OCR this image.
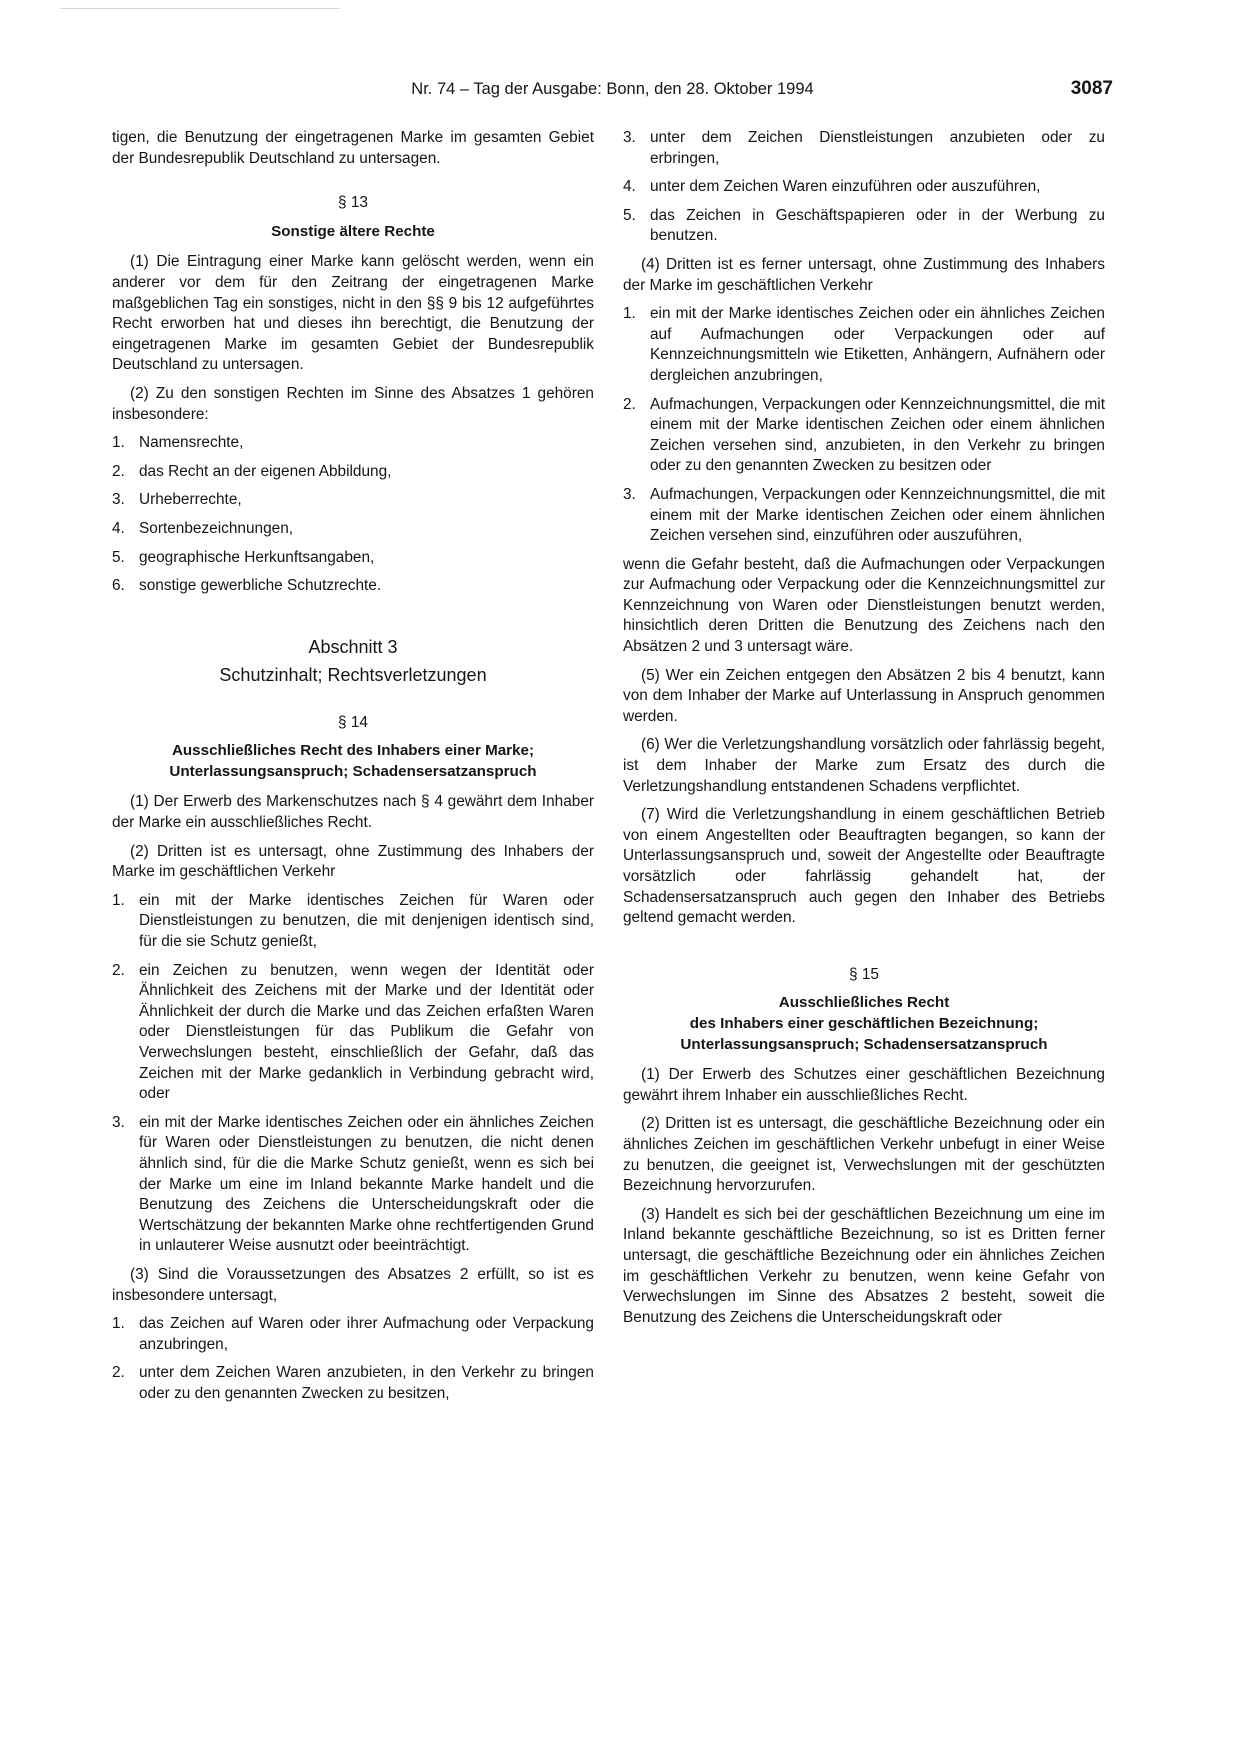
Nr. 74 – Tag der Ausgabe: Bonn, den 28. Oktober 1994	3087

tigen, die Benutzung der eingetragenen Marke im gesamten Gebiet der Bundesrepublik Deutschland zu untersagen.

§ 13
Sonstige ältere Rechte

(1) Die Eintragung einer Marke kann gelöscht werden, wenn ein anderer vor dem für den Zeitrang der eingetragenen Marke maßgeblichen Tag ein sonstiges, nicht in den §§ 9 bis 12 aufgeführtes Recht erworben hat und dieses ihn berechtigt, die Benutzung der eingetragenen Marke im gesamten Gebiet der Bundesrepublik Deutschland zu untersagen.

(2) Zu den sonstigen Rechten im Sinne des Absatzes 1 gehören insbesondere:

1. Namensrechte,
2. das Recht an der eigenen Abbildung,
3. Urheberrechte,
4. Sortenbezeichnungen,
5. geographische Herkunftsangaben,
6. sonstige gewerbliche Schutzrechte.
Abschnitt 3
Schutzinhalt; Rechtsverletzungen
§ 14
Ausschließliches Recht des Inhabers einer Marke;
Unterlassungsanspruch; Schadensersatzanspruch

(1) Der Erwerb des Markenschutzes nach § 4 gewährt dem Inhaber der Marke ein ausschließliches Recht.

(2) Dritten ist es untersagt, ohne Zustimmung des Inhabers der Marke im geschäftlichen Verkehr

1. ein mit der Marke identisches Zeichen für Waren oder Dienstleistungen zu benutzen, die mit denjenigen identisch sind, für die sie Schutz genießt,
2. ein Zeichen zu benutzen, wenn wegen der Identität oder Ähnlichkeit des Zeichens mit der Marke und der Identität oder Ähnlichkeit der durch die Marke und das Zeichen erfaßten Waren oder Dienstleistungen für das Publikum die Gefahr von Verwechslungen besteht, einschließlich der Gefahr, daß das Zeichen mit der Marke gedanklich in Verbindung gebracht wird, oder
3. ein mit der Marke identisches Zeichen oder ein ähnliches Zeichen für Waren oder Dienstleistungen zu benutzen, die nicht denen ähnlich sind, für die die Marke Schutz genießt, wenn es sich bei der Marke um eine im Inland bekannte Marke handelt und die Benutzung des Zeichens die Unterscheidungskraft oder die Wertschätzung der bekannten Marke ohne rechtfertigenden Grund in unlauterer Weise ausnutzt oder beeinträchtigt.

(3) Sind die Voraussetzungen des Absatzes 2 erfüllt, so ist es insbesondere untersagt,

1. das Zeichen auf Waren oder ihrer Aufmachung oder Verpackung anzubringen,
2. unter dem Zeichen Waren anzubieten, in den Verkehr zu bringen oder zu den genannten Zwecken zu besitzen,
3. unter dem Zeichen Dienstleistungen anzubieten oder zu erbringen,
4. unter dem Zeichen Waren einzuführen oder auszuführen,
5. das Zeichen in Geschäftspapieren oder in der Werbung zu benutzen.

(4) Dritten ist es ferner untersagt, ohne Zustimmung des Inhabers der Marke im geschäftlichen Verkehr

1. ein mit der Marke identisches Zeichen oder ein ähnliches Zeichen auf Aufmachungen oder Verpackungen oder auf Kennzeichnungsmitteln wie Etiketten, Anhängern, Aufnähern oder dergleichen anzubringen,
2. Aufmachungen, Verpackungen oder Kennzeichnungsmittel, die mit einem mit der Marke identischen Zeichen oder einem ähnlichen Zeichen versehen sind, anzubieten, in den Verkehr zu bringen oder zu den genannten Zwecken zu besitzen oder
3. Aufmachungen, Verpackungen oder Kennzeichnungsmittel, die mit einem mit der Marke identischen Zeichen oder einem ähnlichen Zeichen versehen sind, einzuführen oder auszuführen,

wenn die Gefahr besteht, daß die Aufmachungen oder Verpackungen zur Aufmachung oder Verpackung oder die Kennzeichnungsmittel zur Kennzeichnung von Waren oder Dienstleistungen benutzt werden, hinsichtlich deren Dritten die Benutzung des Zeichens nach den Absätzen 2 und 3 untersagt wäre.

(5) Wer ein Zeichen entgegen den Absätzen 2 bis 4 benutzt, kann von dem Inhaber der Marke auf Unterlassung in Anspruch genommen werden.

(6) Wer die Verletzungshandlung vorsätzlich oder fahrlässig begeht, ist dem Inhaber der Marke zum Ersatz des durch die Verletzungshandlung entstandenen Schadens verpflichtet.

(7) Wird die Verletzungshandlung in einem geschäftlichen Betrieb von einem Angestellten oder Beauftragten begangen, so kann der Unterlassungsanspruch und, soweit der Angestellte oder Beauftragte vorsätzlich oder fahrlässig gehandelt hat, der Schadensersatzanspruch auch gegen den Inhaber des Betriebs geltend gemacht werden.

§ 15
Ausschließliches Recht
des Inhabers einer geschäftlichen Bezeichnung;
Unterlassungsanspruch; Schadensersatzanspruch

(1) Der Erwerb des Schutzes einer geschäftlichen Bezeichnung gewährt ihrem Inhaber ein ausschließliches Recht.

(2) Dritten ist es untersagt, die geschäftliche Bezeichnung oder ein ähnliches Zeichen im geschäftlichen Verkehr unbefugt in einer Weise zu benutzen, die geeignet ist, Verwechslungen mit der geschützten Bezeichnung hervorzurufen.

(3) Handelt es sich bei der geschäftlichen Bezeichnung um eine im Inland bekannte geschäftliche Bezeichnung, so ist es Dritten ferner untersagt, die geschäftliche Bezeichnung oder ein ähnliches Zeichen im geschäftlichen Verkehr zu benutzen, wenn keine Gefahr von Verwechslungen im Sinne des Absatzes 2 besteht, soweit die Benutzung des Zeichens die Unterscheidungskraft oder
